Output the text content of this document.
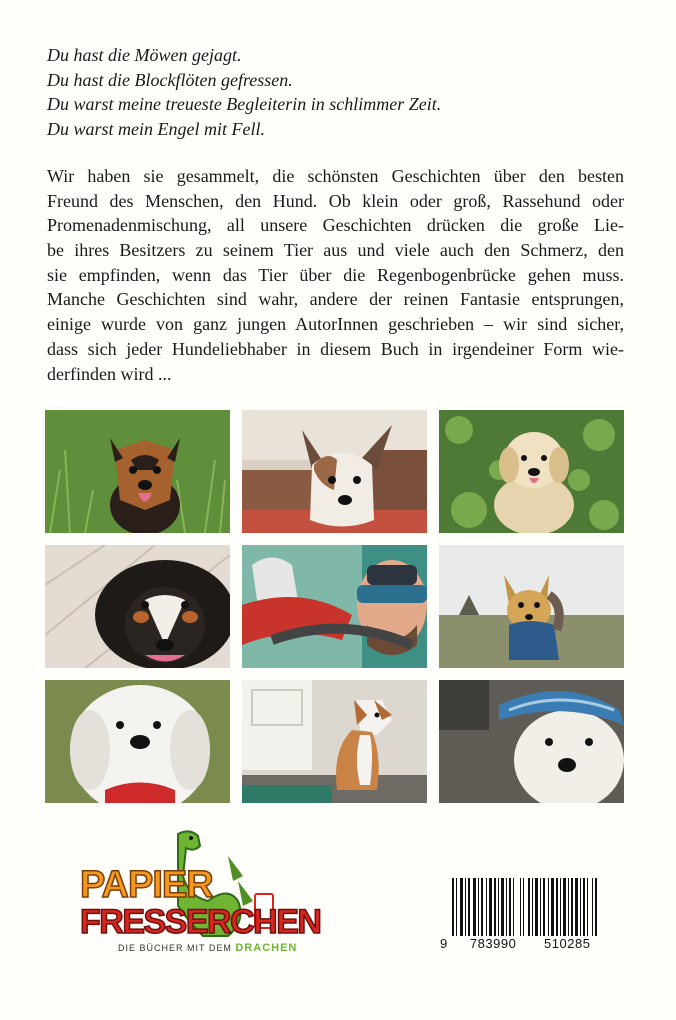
Du hast die Möwen gejagt.
Du hast die Blockflöten gefressen.
Du warst meine treueste Begleiterin in schlimmer Zeit.
Du warst mein Engel mit Fell.
Wir haben sie gesammelt, die schönsten Geschichten über den besten
Freund des Menschen, den Hund. Ob klein oder groß, Rassehund oder
Promenadenmischung, all unsere Geschichten drücken die große Lie-
be ihres Besitzers zu seinem Tier aus und viele auch den Schmerz, den
sie empfinden, wenn das Tier über die Regenbogenbrücke gehen muss.
Manche Geschichten sind wahr, andere der reinen Fantasie entsprungen,
einige wurde von ganz jungen AutorInnen geschrieben – wir sind sicher,
dass sich jeder Hundeliebhaber in diesem Buch in irgendeiner Form wie-
derfinden wird ...
PAPIER
FRESSERCHEN
DIE BÜCHER MIT DEM DRACHEN	9 783990 510285
